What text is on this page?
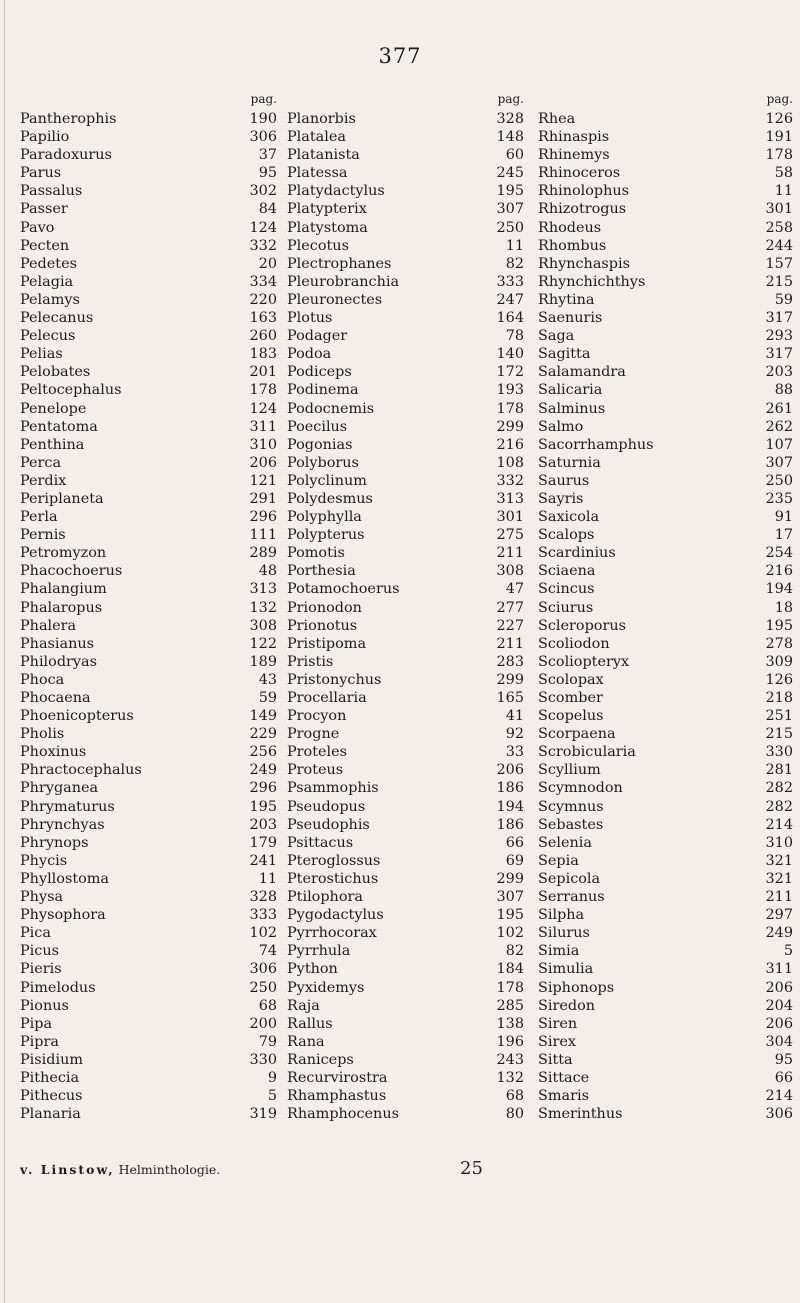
377
pag.
Pantherophis	190
Papilio	306
Paradoxurus	37
Parus	95
Passalus	302
Passer	84
Pavo	124
Pecten	332
Pedetes	20
Pelagia	334
Pelamys	220
Pelecanus	163
Pelecus	260
Pelias	183
Pelobates	201
Peltocephalus	178
Penelope	124
Pentatoma	311
Penthina	310
Perca	206
Perdix	121
Periplaneta	291
Perla	296
Pernis	111
Petromyzon	289
Phacochoerus	48
Phalangium	313
Phalaropus	132
Phalera	308
Phasianus	122
Philodryas	189
Phoca	43
Phocaena	59
Phoenicopterus	149
Pholis	229
Phoxinus	256
Phractocephalus	249
Phryganea	296
Phrymaturus	195
Phrynchyas	203
Phrynops	179
Phycis	241
Phyllostoma	11
Physa	328
Physophora	333
Pica	102
Picus	74
Pieris	306
Pimelodus	250
Pionus	68
Pipa	200
Pipra	79
Pisidium	330
Pithecia	9
Pithecus	5
Planaria	319
pag.
Planorbis	328
Platalea	148
Platanista	60
Platessa	245
Platydactylus	195
Platypterix	307
Platystoma	250
Plecotus	11
Plectrophanes	82
Pleurobranchia	333
Pleuronectes	247
Plotus	164
Podager	78
Podoa	140
Podiceps	172
Podinema	193
Podocnemis	178
Poecilus	299
Pogonias	216
Polyborus	108
Polyclinum	332
Polydesmus	313
Polyphylla	301
Polypterus	275
Pomotis	211
Porthesia	308
Potamochoerus	47
Prionodon	277
Prionotus	227
Pristipoma	211
Pristis	283
Pristonychus	299
Procellaria	165
Procyon	41
Progne	92
Proteles	33
Proteus	206
Psammophis	186
Pseudopus	194
Pseudophis	186
Psittacus	66
Pteroglossus	69
Pterostichus	299
Ptilophora	307
Pygodactylus	195
Pyrrhocorax	102
Pyrrhula	82
Python	184
Pyxidemys	178
Raja	285
Rallus	138
Rana	196
Raniceps	243
Recurvirostra	132
Rhamphastus	68
Rhamphocenus	80
pag.
Rhea	126
Rhinaspis	191
Rhinemys	178
Rhinoceros	58
Rhinolophus	11
Rhizotrogus	301
Rhodeus	258
Rhombus	244
Rhynchaspis	157
Rhynchichthys	215
Rhytina	59
Saenuris	317
Saga	293
Sagitta	317
Salamandra	203
Salicaria	88
Salminus	261
Salmo	262
Sacorrhamphus	107
Saturnia	307
Saurus	250
Sayris	235
Saxicola	91
Scalops	17
Scardinius	254
Sciaena	216
Scincus	194
Sciurus	18
Scleroporus	195
Scoliodon	278
Scoliopteryx	309
Scolopax	126
Scomber	218
Scopelus	251
Scorpaena	215
Scrobicularia	330
Scyllium	281
Scymnodon	282
Scymnus	282
Sebastes	214
Selenia	310
Sepia	321
Sepicola	321
Serranus	211
Silpha	297
Silurus	249
Simia	5
Simulia	311
Siphonops	206
Siredon	204
Siren	206
Sirex	304
Sitta	95
Sittace	66
Smaris	214
Smerinthus	306
v. Linstow, Helminthologie.	25
